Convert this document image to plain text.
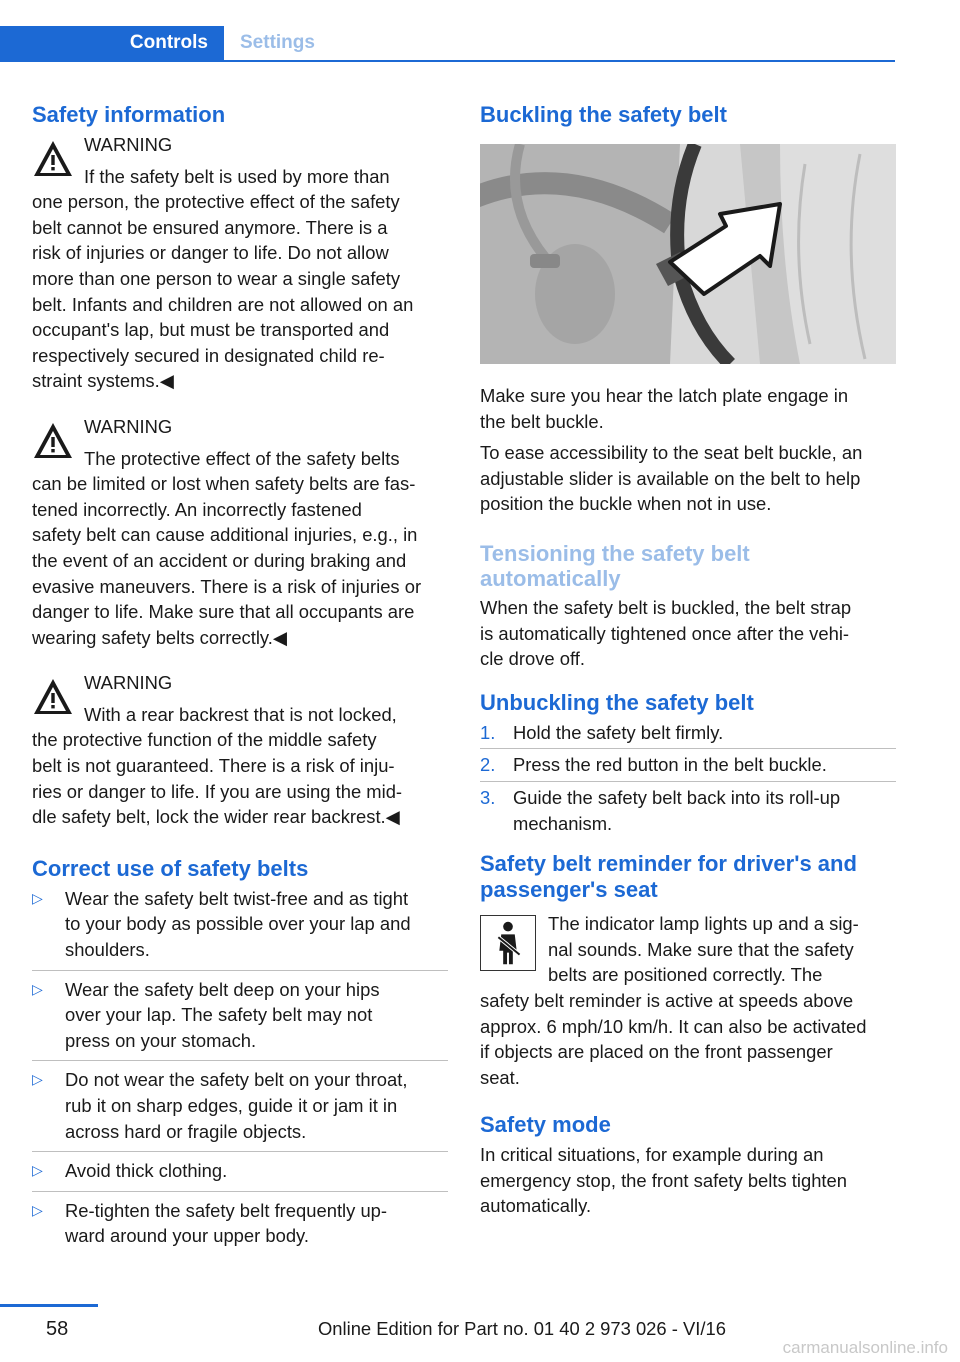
Controls	Settings
Safety information
WARNING
If the safety belt is used by more than
one person, the protective effect of the safety
belt cannot be ensured anymore. There is a
risk of injuries or danger to life. Do not allow
more than one person to wear a single safety
belt. Infants and children are not allowed on an
occupant's lap, but must be transported and
respectively secured in designated child re‐
straint systems.◀
WARNING
The protective effect of the safety belts
can be limited or lost when safety belts are fas‐
tened incorrectly. An incorrectly fastened
safety belt can cause additional injuries, e.g., in
the event of an accident or during braking and
evasive maneuvers. There is a risk of injuries or
danger to life. Make sure that all occupants are
wearing safety belts correctly.◀
WARNING
With a rear backrest that is not locked,
the protective function of the middle safety
belt is not guaranteed. There is a risk of inju‐
ries or danger to life. If you are using the mid‐
dle safety belt, lock the wider rear backrest.◀
Correct use of safety belts
▷ Wear the safety belt twist-free and as tight
to your body as possible over your lap and
shoulders.
▷ Wear the safety belt deep on your hips
over your lap. The safety belt may not
press on your stomach.
▷ Do not wear the safety belt on your throat,
rub it on sharp edges, guide it or jam it in
across hard or fragile objects.
▷ Avoid thick clothing.
▷ Re-tighten the safety belt frequently up‐
ward around your upper body.
Buckling the safety belt
Make sure you hear the latch plate engage in
the belt buckle.
To ease accessibility to the seat belt buckle, an
adjustable slider is available on the belt to help
position the buckle when not in use.
Tensioning the safety belt
automatically
When the safety belt is buckled, the belt strap
is automatically tightened once after the vehi‐
cle drove off.
Unbuckling the safety belt
1. Hold the safety belt firmly.
2. Press the red button in the belt buckle.
3. Guide the safety belt back into its roll-up
mechanism.
Safety belt reminder for driver's and
passenger's seat
The indicator lamp lights up and a sig‐
nal sounds. Make sure that the safety
belts are positioned correctly. The
safety belt reminder is active at speeds above
approx. 6 mph/10 km/h. It can also be activated
if objects are placed on the front passenger
seat.
Safety mode
In critical situations, for example during an
emergency stop, the front safety belts tighten
automatically.
58	Online Edition for Part no. 01 40 2 973 026 - VI/16
carmanualsonline.info
